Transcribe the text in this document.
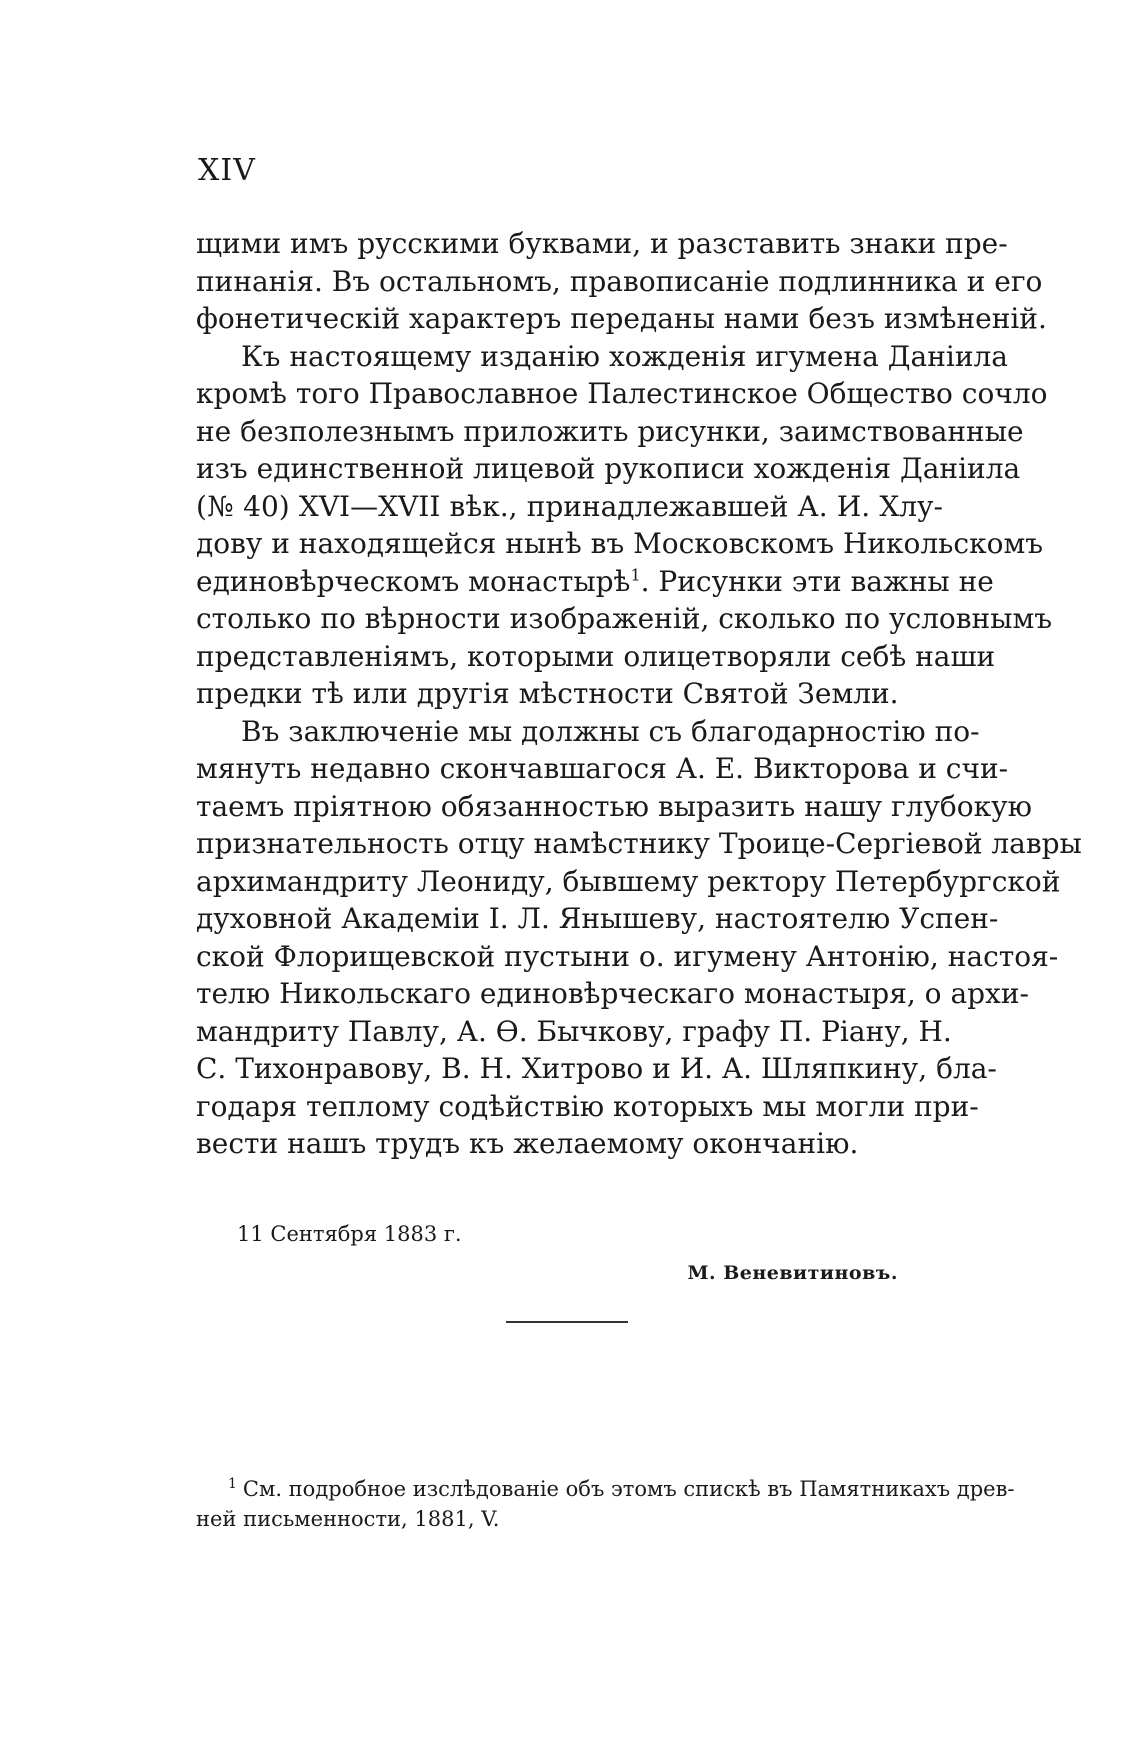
XIV
щими имъ русскими буквами, и разставить знаки пре-
пинанія. Въ остальномъ, правописаніе подлинника и его
фонетическій характеръ переданы нами безъ измѣненій.
Къ настоящему изданію хожденія игумена Даніила
кромѣ того Православное Палестинское Общество сочло
не безполезнымъ приложить рисунки, заимствованные
изъ единственной лицевой рукописи хожденія Даніила
(№ 40) XVI—XVII вѣк., принадлежавшей А. И. Хлу-
дову и находящейся нынѣ въ Московскомъ Никольскомъ
единовѣрческомъ монастырѣ$^1$. Рисунки эти важны не
столько по вѣрности изображеній, сколько по условнымъ
представленіямъ, которыми олицетворяли себѣ наши
предки тѣ или другія мѣстности Святой Земли.
Въ заключеніе мы должны съ благодарностію по-
мянуть недавно скончавшагося А. Е. Викторова и счи-
таемъ пріятною обязанностью выразить нашу глубокую
признательность отцу намѣстнику Троице-Сергіевой лавры
архимандриту Леониду, бывшему ректору Петербургской
духовной Академіи І. Л. Янышеву, настоятелю Успен-
ской Флорищевской пустыни о. игумену Антонію, настоя-
телю Никольскагo единовѣрческагo монастыря, о архи-
мандриту Павлу, А. Ѳ. Бычкову, графу П. Ріану, Н.
С. Тихонравову, В. Н. Хитрово и И. А. Шляпкину, бла-
годаря теплому содѣйствію которыхъ мы могли при-
вести нашъ трудъ къ желаемому окончанію.
11 Сентября 1883 г.
М. Веневитиновъ.
$^1$ См. подробное изслѣдованіе объ этомъ спискѣ въ Памятникахъ древ-
ней письменности, 1881, V.
